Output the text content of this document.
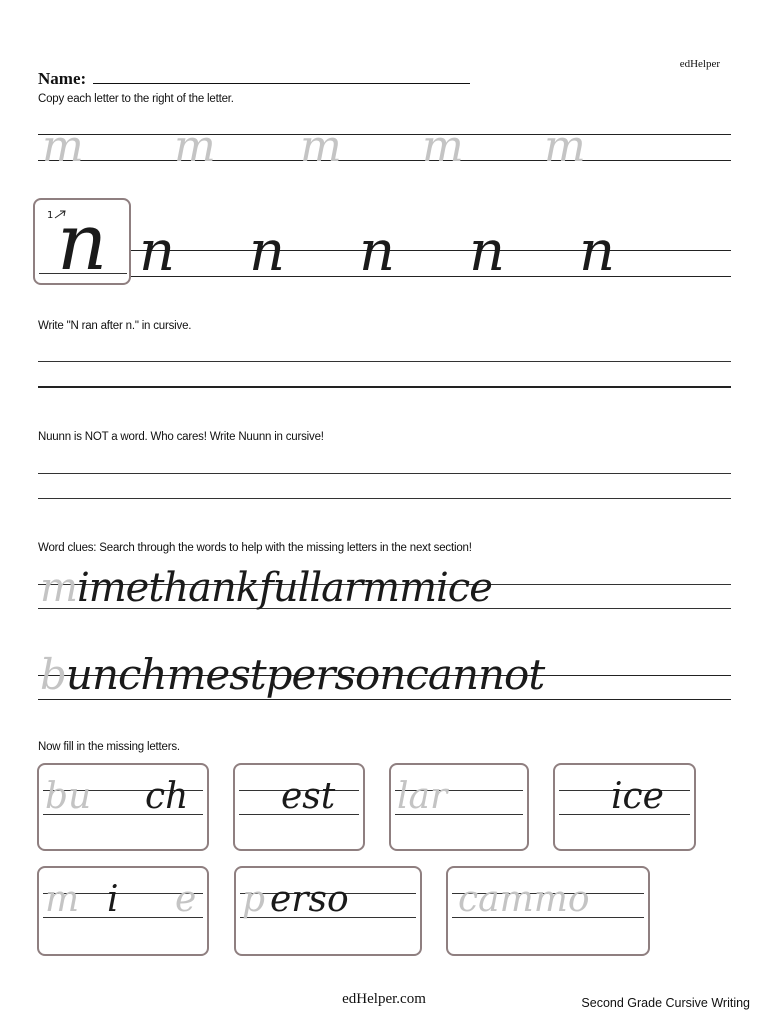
edHelper
Name:
Copy each letter to the right of the letter.
m m m m m
1 n n n n n n
Write "N ran after n." in cursive.
Nuunn is NOT a word. Who cares! Write Nuunn in cursive!
Word clues: Search through the words to help with the missing letters in the next section!
mimethankfullarmmice
bunchmestpersoncannot
Now fill in the missing letters.
bu ch	est lar	ice
m i e p erso	cammo
edHelper.com	Second Grade Cursive Writing
